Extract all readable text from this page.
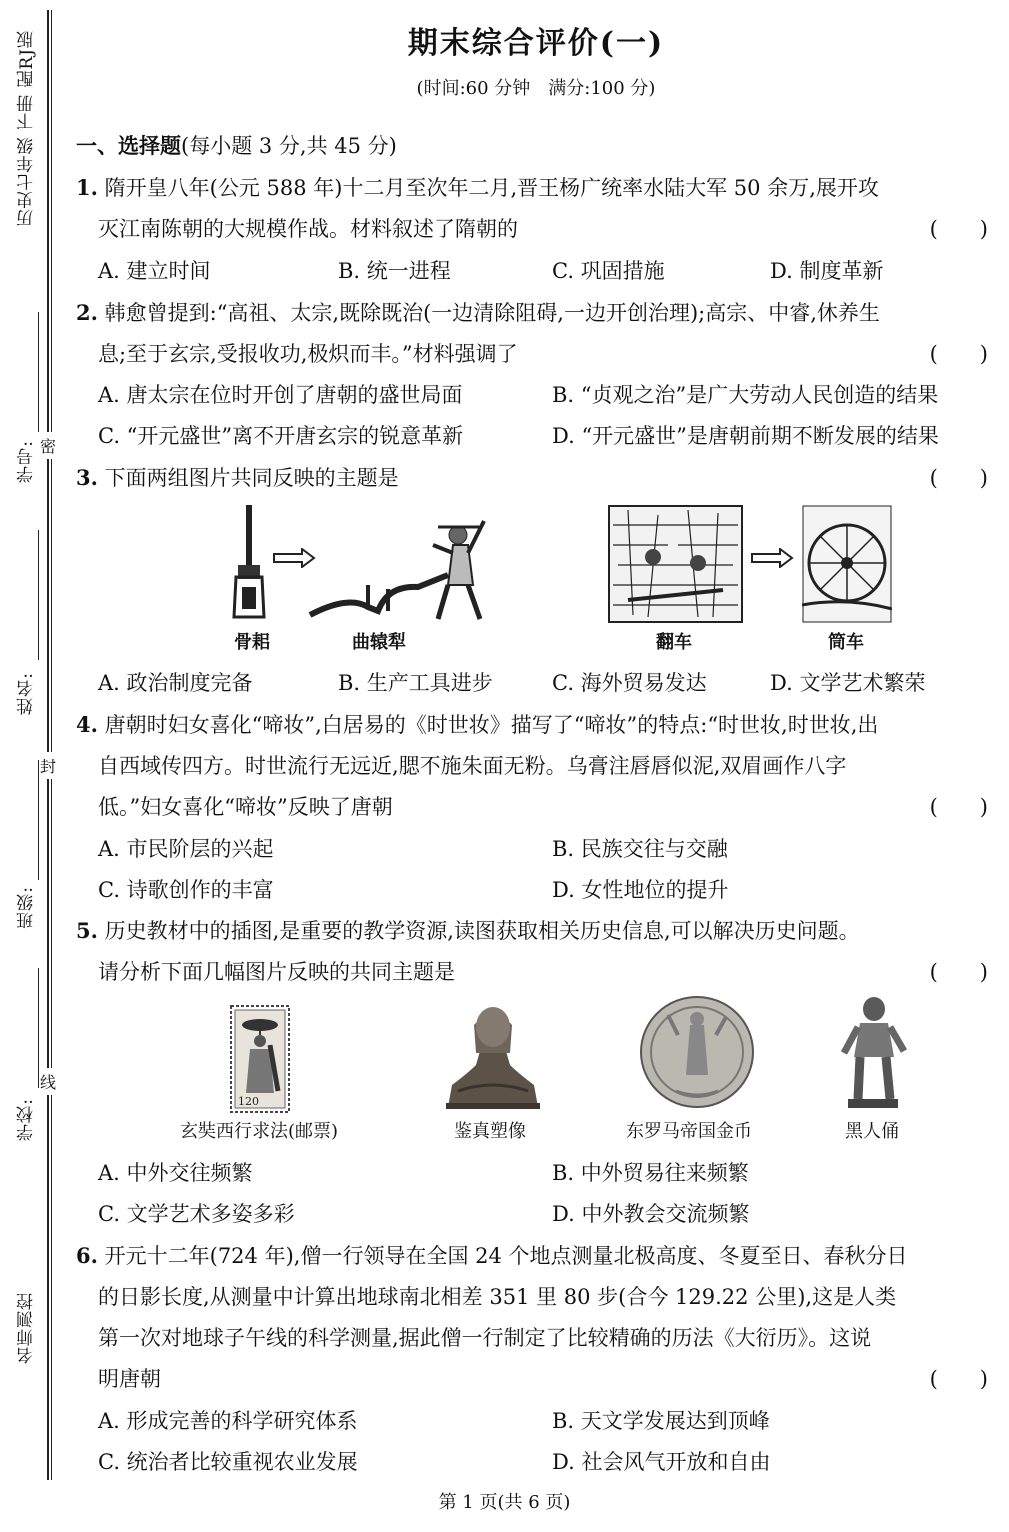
历史七年级 下册 配RJ版
学号:
姓名:
班级:
学校:
密
封
线
名师测控
期末综合评价(一)
(时间:60 分钟　满分:100 分)
一、选择题(每小题 3 分,共 45 分)
1. 隋开皇八年(公元 588 年)十二月至次年二月,晋王杨广统率水陆大军 50 余万,展开攻
灭江南陈朝的大规模作战。材料叙述了隋朝的	(　　)
A. 建立时间	B. 统一进程	C. 巩固措施	D. 制度革新
2. 韩愈曾提到:“高祖、太宗,既除既治(一边清除阻碍,一边开创治理);高宗、中睿,休养生
息;至于玄宗,受报收功,极炽而丰。”材料强调了	(　　)
A. 唐太宗在位时开创了唐朝的盛世局面	B. “贞观之治”是广大劳动人民创造的结果
C. “开元盛世”离不开唐玄宗的锐意革新	D. “开元盛世”是唐朝前期不断发展的结果
3. 下面两组图片共同反映的主题是	(　　)
骨耜	曲辕犁	翻车	筒车
A. 政治制度完备	B. 生产工具进步	C. 海外贸易发达	D. 文学艺术繁荣
4. 唐朝时妇女喜化“啼妆”,白居易的《时世妆》描写了“啼妆”的特点:“时世妆,时世妆,出
自西域传四方。时世流行无远近,腮不施朱面无粉。乌膏注唇唇似泥,双眉画作八字
低。”妇女喜化“啼妆”反映了唐朝	(　　)
A. 市民阶层的兴起	B. 民族交往与交融
C. 诗歌创作的丰富	D. 女性地位的提升
5. 历史教材中的插图,是重要的教学资源,读图获取相关历史信息,可以解决历史问题。
请分析下面几幅图片反映的共同主题是	(　　)
120
玄奘西行求法(邮票)	鉴真塑像	东罗马帝国金币	黑人俑
A. 中外交往频繁	B. 中外贸易往来频繁
C. 文学艺术多姿多彩	D. 中外教会交流频繁
6. 开元十二年(724 年),僧一行领导在全国 24 个地点测量北极高度、冬夏至日、春秋分日
的日影长度,从测量中计算出地球南北相差 351 里 80 步(合今 129.22 公里),这是人类
第一次对地球子午线的科学测量,据此僧一行制定了比较精确的历法《大衍历》。这说
明唐朝	(　　)
A. 形成完善的科学研究体系	B. 天文学发展达到顶峰
C. 统治者比较重视农业发展	D. 社会风气开放和自由
第 1 页(共 6 页)
